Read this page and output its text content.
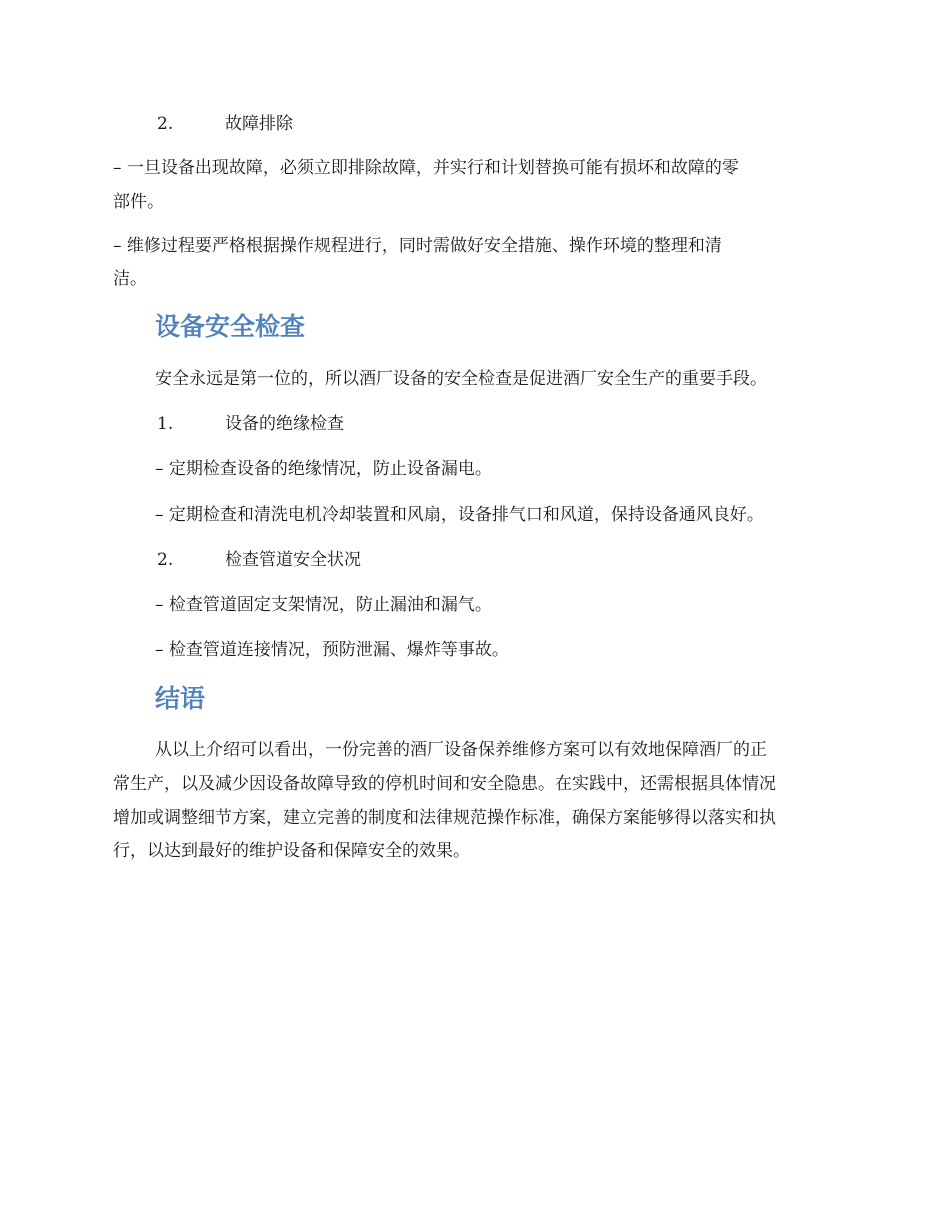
2.	故障排除
– 一旦设备出现故障，必须立即排除故障，并实行和计划替换可能有损坏和故障的零
部件。
– 维修过程要严格根据操作规程进行，同时需做好安全措施、操作环境的整理和清
洁。
设备安全检查
安全永远是第一位的，所以酒厂设备的安全检查是促进酒厂安全生产的重要手段。
1.	设备的绝缘检查
– 定期检查设备的绝缘情况，防止设备漏电。
– 定期检查和清洗电机冷却装置和风扇，设备排气口和风道，保持设备通风良好。
2.	检查管道安全状况
– 检查管道固定支架情况，防止漏油和漏气。
– 检查管道连接情况，预防泄漏、爆炸等事故。
结语
从以上介绍可以看出，一份完善的酒厂设备保养维修方案可以有效地保障酒厂的正
常生产，以及减少因设备故障导致的停机时间和安全隐患。在实践中，还需根据具体情况
增加或调整细节方案，建立完善的制度和法律规范操作标准，确保方案能够得以落实和执
行，以达到最好的维护设备和保障安全的效果。
